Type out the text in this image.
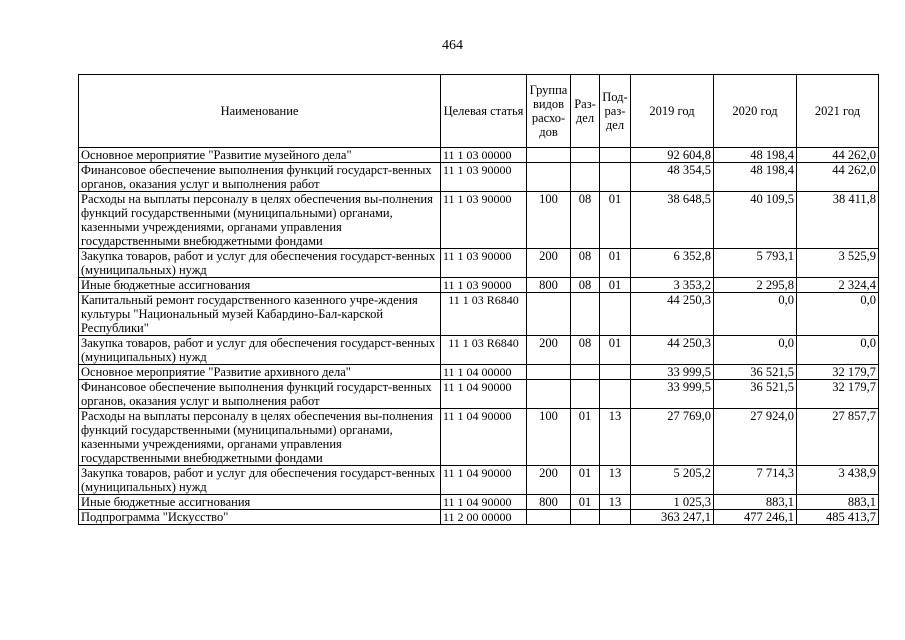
464
Наименование	Целевая статья	Группа видов расхо-дов	Раз-дел	Под-раз-дел	2019 год	2020 год	2021 год
Основное мероприятие "Развитие музейного дела"	11 1 03 00000				92 604,8	48 198,4	44 262,0
Финансовое обеспечение выполнения функций государст-венных органов, оказания услуг и выполнения работ	11 1 03 90000				48 354,5	48 198,4	44 262,0
Расходы на выплаты персоналу в целях обеспечения вы-полнения функций государственными (муниципальными) органами, казенными учреждениями, органами управления государственными внебюджетными фондами	11 1 03 90000	100	08	01	38 648,5	40 109,5	38 411,8
Закупка товаров, работ и услуг для обеспечения государст-венных (муниципальных) нужд	11 1 03 90000	200	08	01	6 352,8	5 793,1	3 525,9
Иные бюджетные ассигнования	11 1 03 90000	800	08	01	3 353,2	2 295,8	2 324,4
Капитальный ремонт государственного казенного учре-ждения культуры "Национальный музей Кабардино-Бал-карской Республики"	11 1 03 R6840				44 250,3	0,0	0,0
Закупка товаров, работ и услуг для обеспечения государст-венных (муниципальных) нужд	11 1 03 R6840	200	08	01	44 250,3	0,0	0,0
Основное мероприятие "Развитие архивного дела"	11 1 04 00000				33 999,5	36 521,5	32 179,7
Финансовое обеспечение выполнения функций государст-венных органов, оказания услуг и выполнения работ	11 1 04 90000				33 999,5	36 521,5	32 179,7
Расходы на выплаты персоналу в целях обеспечения вы-полнения функций государственными (муниципальными) органами, казенными учреждениями, органами управления государственными внебюджетными фондами	11 1 04 90000	100	01	13	27 769,0	27 924,0	27 857,7
Закупка товаров, работ и услуг для обеспечения государст-венных (муниципальных) нужд	11 1 04 90000	200	01	13	5 205,2	7 714,3	3 438,9
Иные бюджетные ассигнования	11 1 04 90000	800	01	13	1 025,3	883,1	883,1
Подпрограмма "Искусство"	11 2 00 00000				363 247,1	477 246,1	485 413,7
